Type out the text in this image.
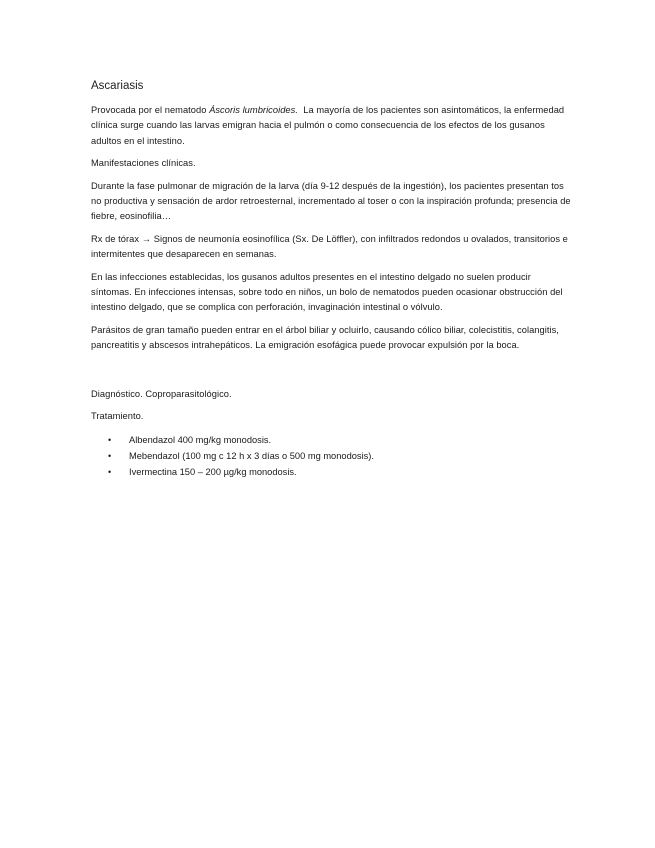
Ascariasis

Provocada por el nematodo Áscoris lumbricoides.  La mayoría de los pacientes son asintomáticos, la enfermedad clínica surge cuando las larvas emigran hacia el pulmón o como consecuencia de los efectos de los gusanos adultos en el intestino.

Manifestaciones clínicas.

Durante la fase pulmonar de migración de la larva (día 9-12 después de la ingestión), los pacientes presentan tos no productiva y sensación de ardor retroesternal, incrementado al toser o con la inspiración profunda; presencia de fiebre, eosinofilia…

Rx de tórax → Signos de neumonía eosinofílica (Sx. De Löffler), con infiltrados redondos u ovalados, transitorios e intermitentes que desaparecen en semanas.

En las infecciones establecidas, los gusanos adultos presentes en el intestino delgado no suelen producir síntomas. En infecciones intensas, sobre todo en niños, un bolo de nematodos pueden ocasionar obstrucción del intestino delgado, que se complica con perforación, invaginación intestinal o vólvulo.

Parásitos de gran tamaño pueden entrar en el árbol biliar y ocluirlo, causando cólico biliar, colecistitis, colangitis, pancreatitis y abscesos intrahepáticos. La emigración esofágica puede provocar expulsión por la boca.

Diagnóstico. Coproparasitológico.

Tratamiento.

• Albendazol 400 mg/kg monodosis.
• Mebendazol (100 mg c 12 h x 3 días o 500 mg monodosis).
• Ivermectina 150 – 200 µg/kg monodosis.
